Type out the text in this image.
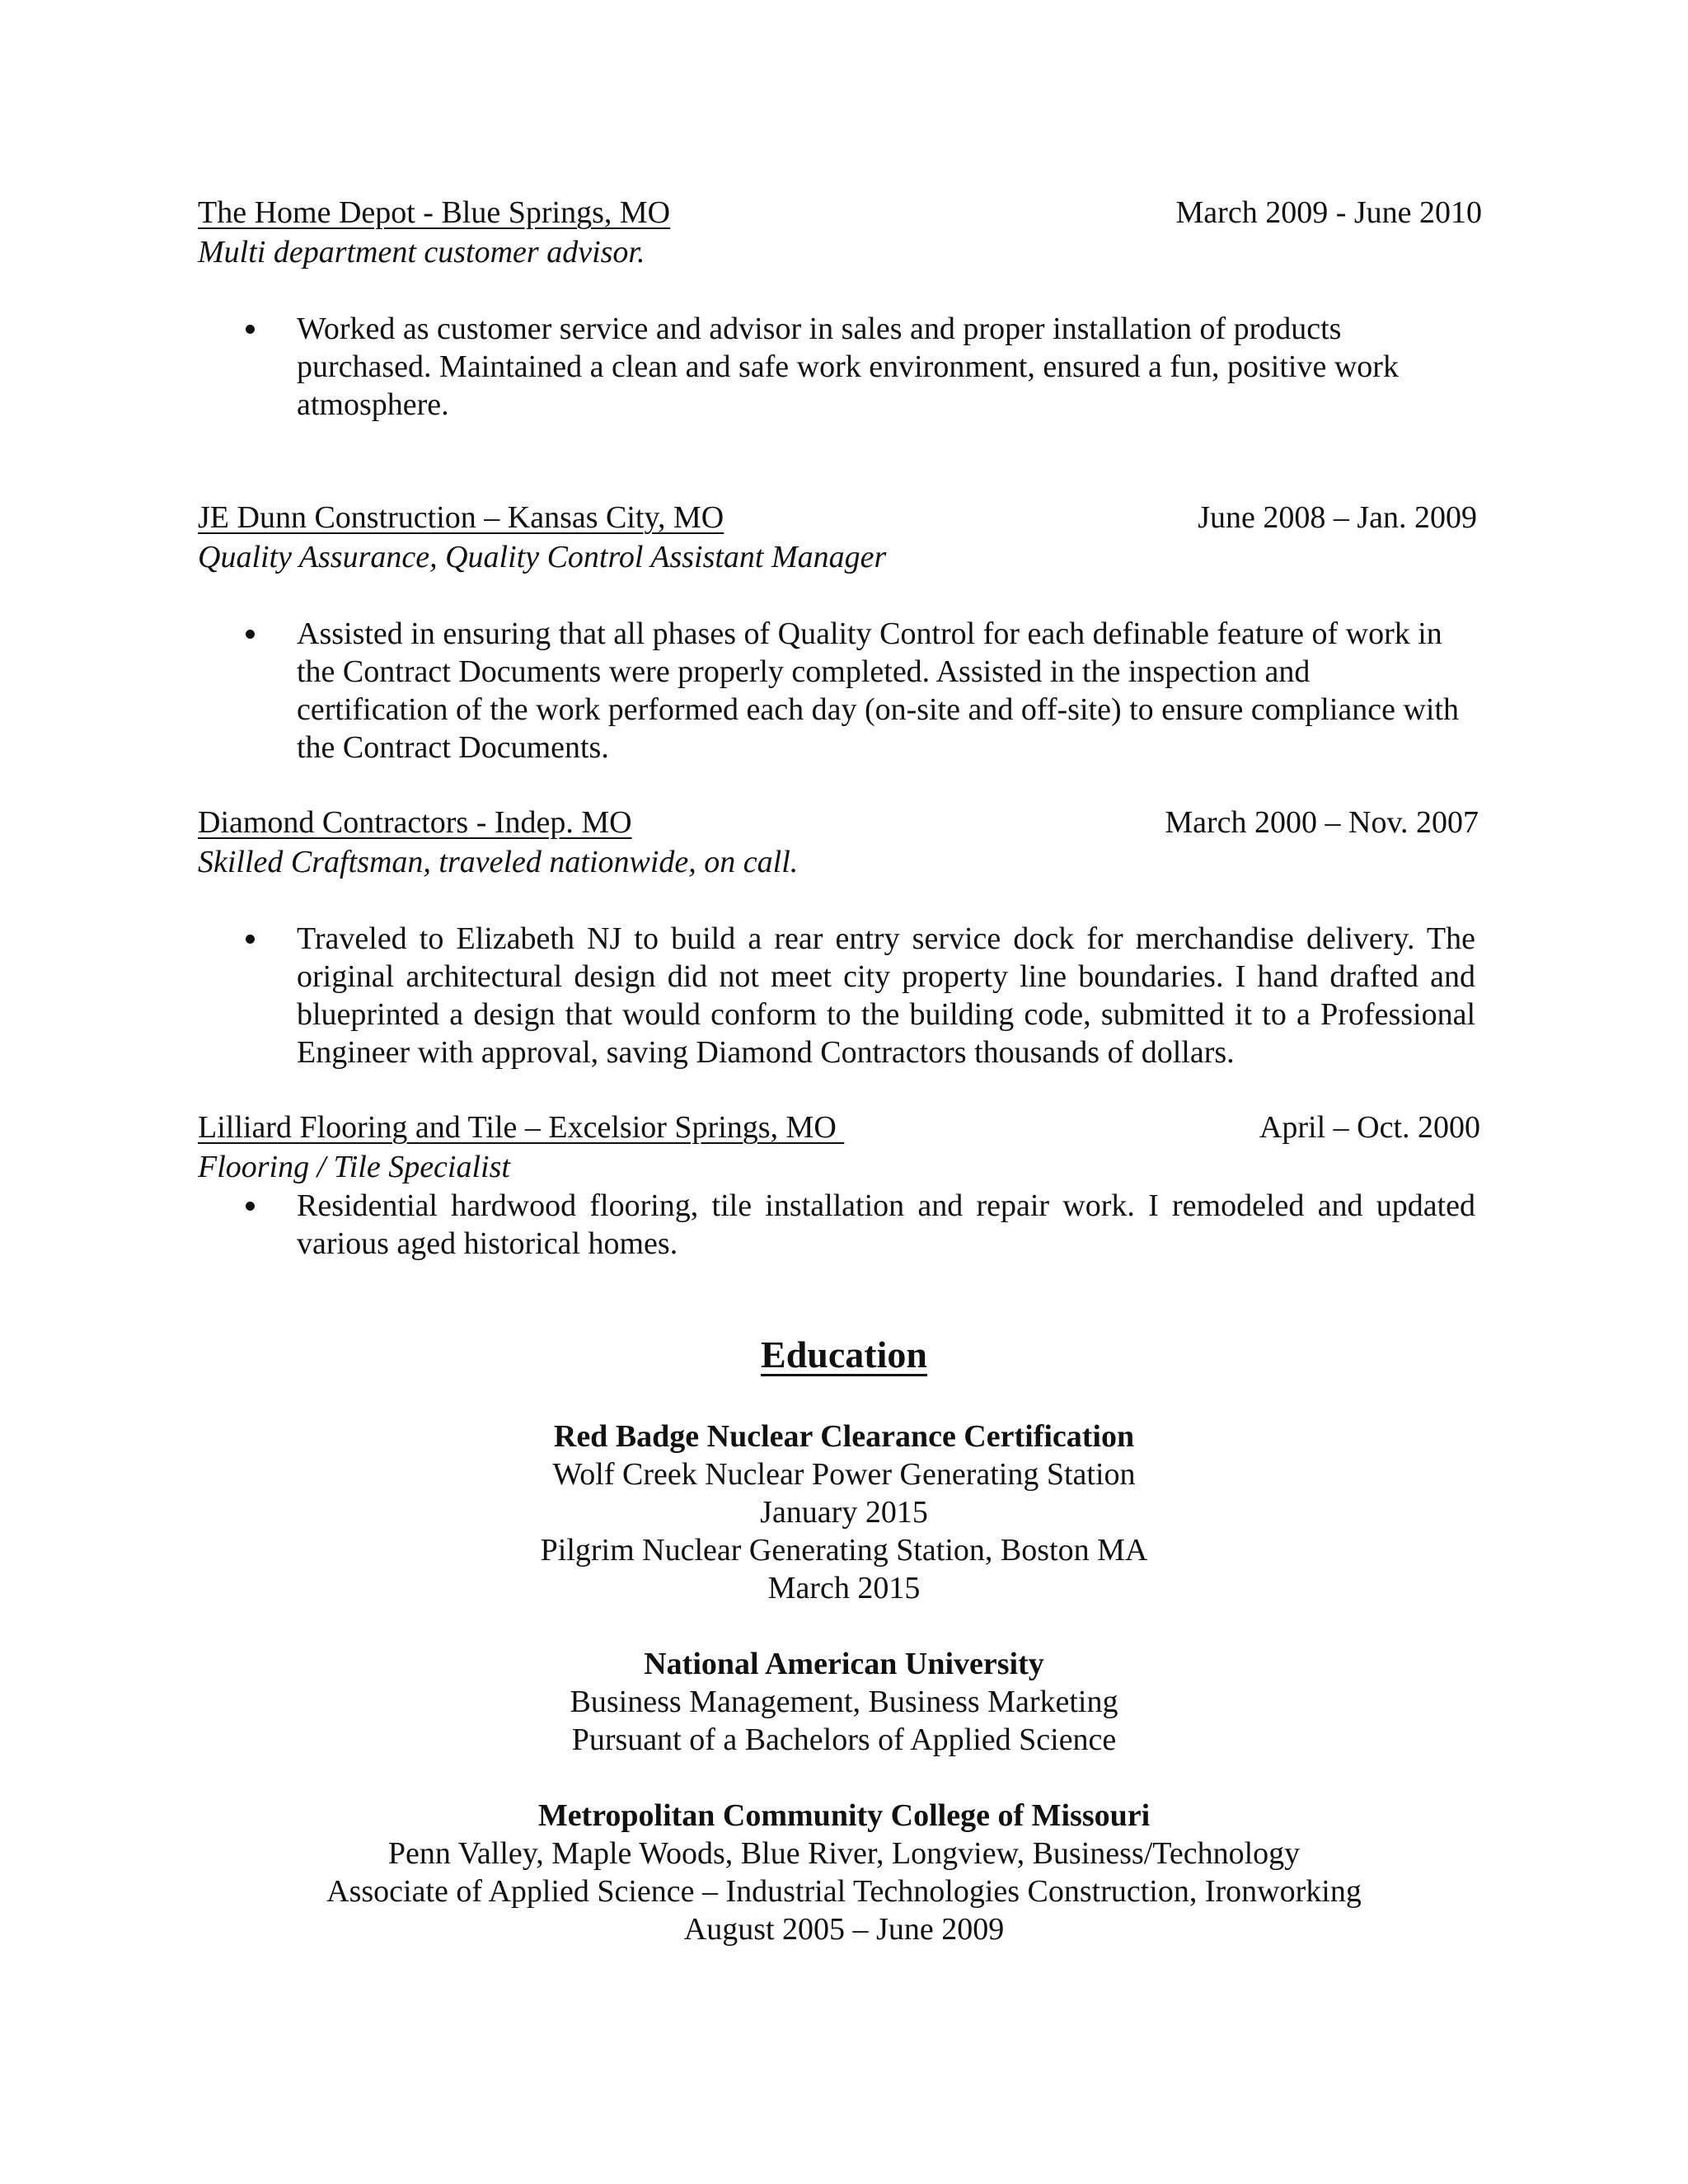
The Home Depot - Blue Springs, MO	March 2009 - June 2010
Multi department customer advisor.
Worked as customer service and advisor in sales and proper installation of products purchased. Maintained a clean and safe work environment, ensured a fun, positive work atmosphere.
JE Dunn Construction – Kansas City, MO	June 2008 – Jan. 2009
Quality Assurance, Quality Control Assistant Manager
Assisted in ensuring that all phases of Quality Control for each definable feature of work in the Contract Documents were properly completed. Assisted in the inspection and certification of the work performed each day (on-site and off-site) to ensure compliance with the Contract Documents.
Diamond Contractors - Indep. MO	March 2000 – Nov. 2007
Skilled Craftsman, traveled nationwide, on call.
Traveled to Elizabeth NJ to build a rear entry service dock for merchandise delivery. The original architectural design did not meet city property line boundaries. I hand drafted and blueprinted a design that would conform to the building code, submitted it to a Professional Engineer with approval, saving Diamond Contractors thousands of dollars.
Lilliard Flooring and Tile – Excelsior Springs, MO	April – Oct. 2000
Flooring / Tile Specialist
Residential hardwood flooring, tile installation and repair work. I remodeled and updated various aged historical homes.
Education
Red Badge Nuclear Clearance Certification
Wolf Creek Nuclear Power Generating Station
January 2015
Pilgrim Nuclear Generating Station, Boston MA
March 2015
National American University
Business Management, Business Marketing
Pursuant of a Bachelors of Applied Science
Metropolitan Community College of Missouri
Penn Valley, Maple Woods, Blue River, Longview, Business/Technology
Associate of Applied Science – Industrial Technologies Construction, Ironworking
August 2005 – June 2009
